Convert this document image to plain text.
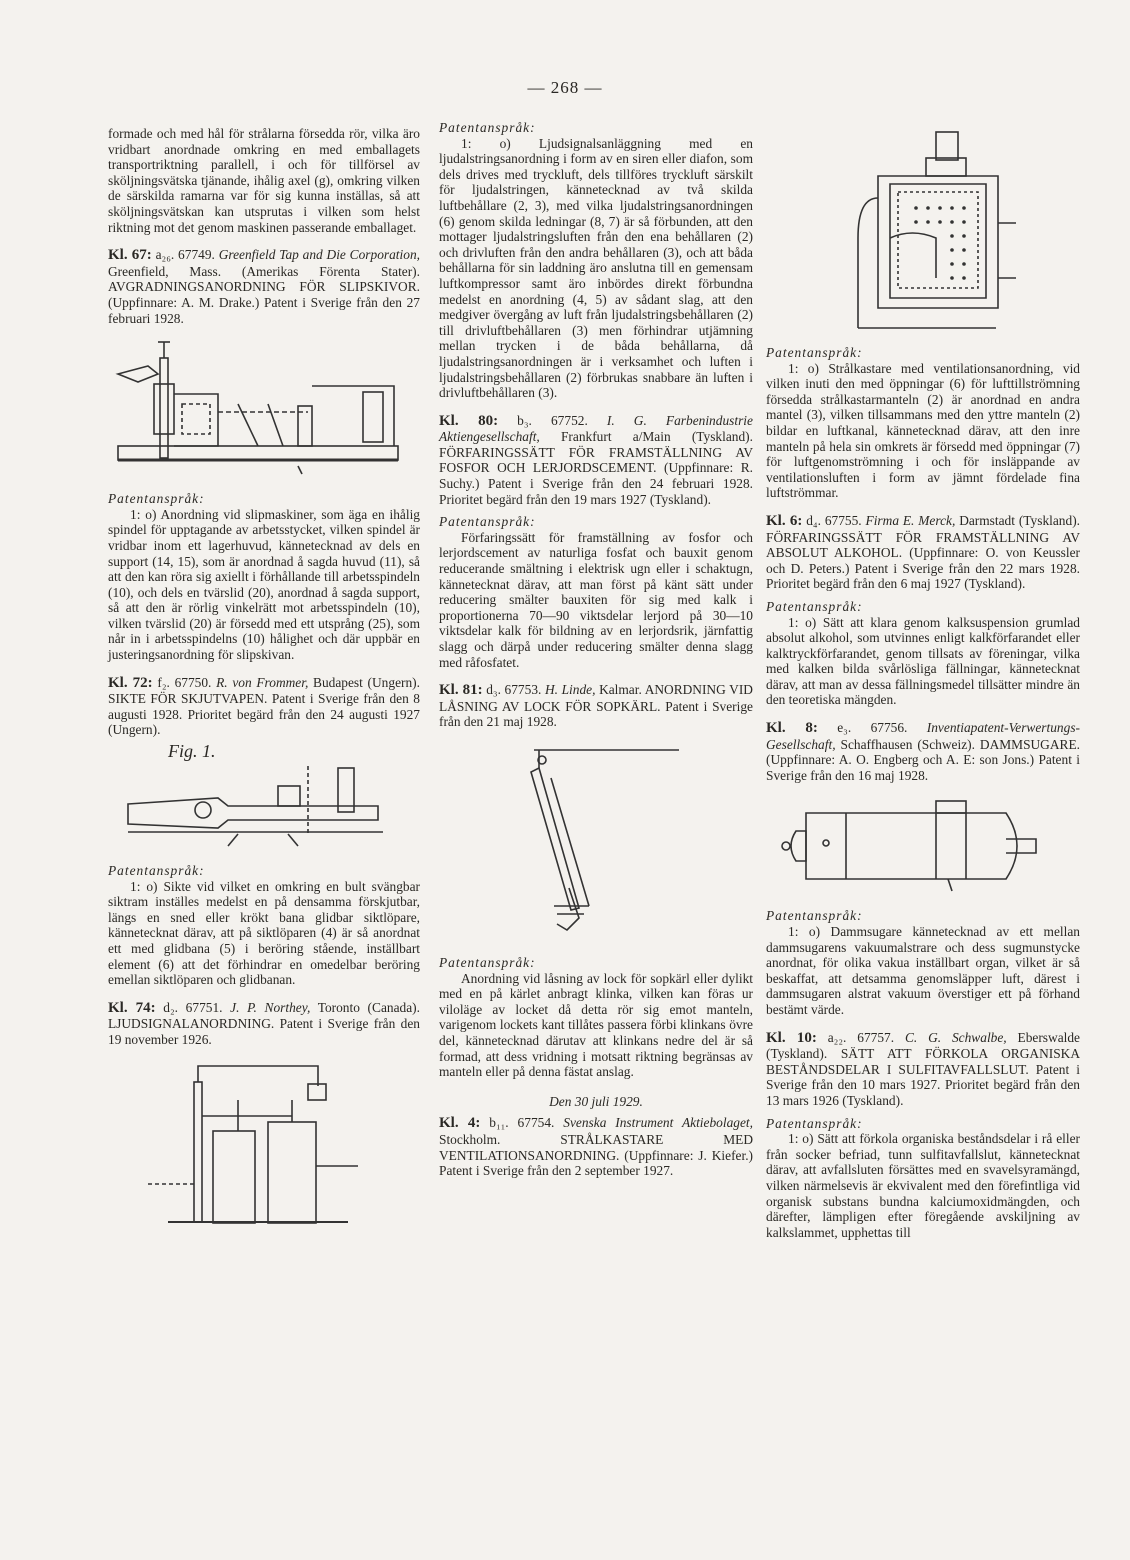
— 268 —

formade och med hål för strålarna försedda rör, vilka äro vridbart anordnade omkring en med emballagets transportriktning parallell, i och för tillförsel av sköljningsvätska tjänande, ihålig axel (g), omkring vilken de särskilda ramarna var för sig kunna inställas, så att sköljningsvätskan kan utsprutas i vilken som helst riktning mot det genom maskinen passerande emballaget.

Kl. 67: a₂₆. 67749. Greenfield Tap and Die Corporation, Greenfield, Mass. (Amerikas Förenta Stater). AVGRADNINGSANORDNING FÖR SLIPSKIVOR. (Uppfinnare: A. M. Drake.) Patent i Sverige från den 27 februari 1928.

Patentanspråk:

1: o) Anordning vid slipmaskiner, som äga en ihålig spindel för upptagande av arbetsstycket, vilken spindel är vridbar inom ett lagerhuvud, kännetecknad av dels en support (14, 15), som är anordnad å sagda huvud (11), så att den kan röra sig axiellt i förhållande till arbetsspindeln (10), och dels en tvärslid (20), anordnad å sagda support, så att den är rörlig vinkelrätt mot arbetsspindeln (10), vilken tvärslid (20) är försedd med ett utsprång (25), som når in i arbetsspindelns (10) hålighet och där uppbär en justeringsanordning för slipskivan.

Kl. 72: f₂. 67750. R. von Frommer, Budapest (Ungern). SIKTE FÖR SKJUTVAPEN. Patent i Sverige från den 8 augusti 1928. Prioritet begärd från den 24 augusti 1927 (Ungern).

Fig. 1.

Patentanspråk:

1: o) Sikte vid vilket en omkring en bult svängbar siktram inställes medelst en på densamma förskjutbar, längs en sned eller krökt bana glidbar siktlöpare, kännetecknat därav, att på siktlöparen (4) är så anordnat ett med glidbana (5) i beröring stående, inställbart element (6) att det förhindrar en omedelbar beröring emellan siktlöparen och glidbanan.

Kl. 74: d₂. 67751. J. P. Northey, Toronto (Canada). LJUDSIGNALANORDNING. Patent i Sverige från den 19 november 1926.

Patentanspråk:

1: o) Ljudsignalsanläggning med en ljudalstringsanordning i form av en siren eller diafon, som dels drives med tryckluft, dels tillföres tryckluft särskilt för ljudalstringen, kännetecknad av två skilda luftbehållare (2, 3), med vilka ljudalstringsanordningen (6) genom skilda ledningar (8, 7) är så förbunden, att den mottager ljudalstringsluften från den ena behållaren (2) och drivluften från den andra behållaren (3), och att båda behållarna för sin laddning äro anslutna till en gemensam luftkompressor samt äro inbördes direkt förbundna medelst en anordning (4, 5) av sådant slag, att den medgiver övergång av luft från ljudalstringsbehållaren (2) till drivluftbehållaren (3) men förhindrar utjämning mellan trycken i de båda behållarna, då ljudalstringsanordningen är i verksamhet och luften i ljudalstringsbehållaren (2) förbrukas snabbare än luften i drivluftbehållaren (3).

Kl. 80: b₃. 67752. I. G. Farbenindustrie Aktiengesellschaft, Frankfurt a/Main (Tyskland). FÖRFARINGSSÄTT FÖR FRAMSTÄLLNING AV FOSFOR OCH LERJORDSCEMENT. (Uppfinnare: R. Suchy.) Patent i Sverige från den 24 februari 1928. Prioritet begärd från den 19 mars 1927 (Tyskland).

Patentanspråk:

Förfaringssätt för framställning av fosfor och lerjordscement av naturliga fosfat och bauxit genom reducerande smältning i elektrisk ugn eller i schaktugn, kännetecknat därav, att man först på känt sätt under reducering smälter bauxiten för sig med kalk i proportionerna 70—90 viktsdelar lerjord på 30—10 viktsdelar kalk för bildning av en lerjordsrik, järnfattig slagg och därpå under reducering smälter denna slagg med råfosfatet.

Kl. 81: d₃. 67753. H. Linde, Kalmar. ANORDNING VID LÅSNING AV LOCK FÖR SOPKÄRL. Patent i Sverige från den 21 maj 1928.

Patentanspråk:

Anordning vid låsning av lock för sopkärl eller dylikt med en på kärlet anbragt klinka, vilken kan föras ur viloläge av locket då detta rör sig emot manteln, varigenom lockets kant tillåtes passera förbi klinkans övre del, kännetecknad därutav att klinkans nedre del är så formad, att dess vridning i motsatt riktning begränsas av manteln eller på denna fästat anslag.

Den 30 juli 1929.

Kl. 4: b₁₁. 67754. Svenska Instrument Aktiebolaget, Stockholm. STRÅLKASTARE MED VENTILATIONSANORDNING. (Uppfinnare: J. Kiefer.) Patent i Sverige från den 2 september 1927.

Patentanspråk:

1: o) Strålkastare med ventilationsanordning, vid vilken inuti den med öppningar (6) för lufttillströmning försedda strålkastarmanteln (2) är anordnad en andra mantel (3), vilken tillsammans med den yttre manteln (2) bildar en luftkanal, kännetecknad därav, att den inre manteln på hela sin omkrets är försedd med öppningar (7) för luftgenomströmning i och för insläppande av ventilationsluften i form av jämnt fördelade fina luftströmmar.

Kl. 6: d₄. 67755. Firma E. Merck, Darmstadt (Tyskland). FÖRFARINGSSÄTT FÖR FRAMSTÄLLNING AV ABSOLUT ALKOHOL. (Uppfinnare: O. von Keussler och D. Peters.) Patent i Sverige från den 22 mars 1928. Prioritet begärd från den 6 maj 1927 (Tyskland).

Patentanspråk:

1: o) Sätt att klara genom kalksuspension grumlad absolut alkohol, som utvinnes enligt kalkförfarandet eller kalktryckförfarandet, genom tillsats av föreningar, vilka med kalken bilda svårlösliga fällningar, kännetecknat därav, att man av dessa fällningsmedel tillsätter mindre än den teoretiska mängden.

Kl. 8: e₃. 67756. Inventiapatent-Verwertungs-Gesellschaft, Schaffhausen (Schweiz). DAMMSUGARE. (Uppfinnare: A. O. Engberg och A. E: son Jons.) Patent i Sverige från den 16 maj 1928.

Patentanspråk:

1: o) Dammsugare kännetecknad av ett mellan dammsugarens vakuumalstrare och dess sugmunstycke anordnat, för olika vakua inställbart organ, vilket är så beskaffat, att detsamma genomsläpper luft, därest i dammsugaren alstrat vakuum överstiger ett på förhand bestämt värde.

Kl. 10: a₂₂. 67757. C. G. Schwalbe, Eberswalde (Tyskland). SÄTT ATT FÖRKOLA ORGANISKA BESTÅNDSDELAR I SULFITAVFALLSLUT. Patent i Sverige från den 10 mars 1927. Prioritet begärd från den 13 mars 1926 (Tyskland).

Patentanspråk:

1: o) Sätt att förkola organiska beståndsdelar i rå eller från socker befriad, tunn sulfitavfallslut, kännetecknat därav, att avfallsluten försättes med en svavelsyramängd, vilken närmelsevis är ekvivalent med den förefintliga vid organisk substans bundna kalciumoxidmängden, och därefter, lämpligen efter föregående avskiljning av kalkslammet, upphettas till
